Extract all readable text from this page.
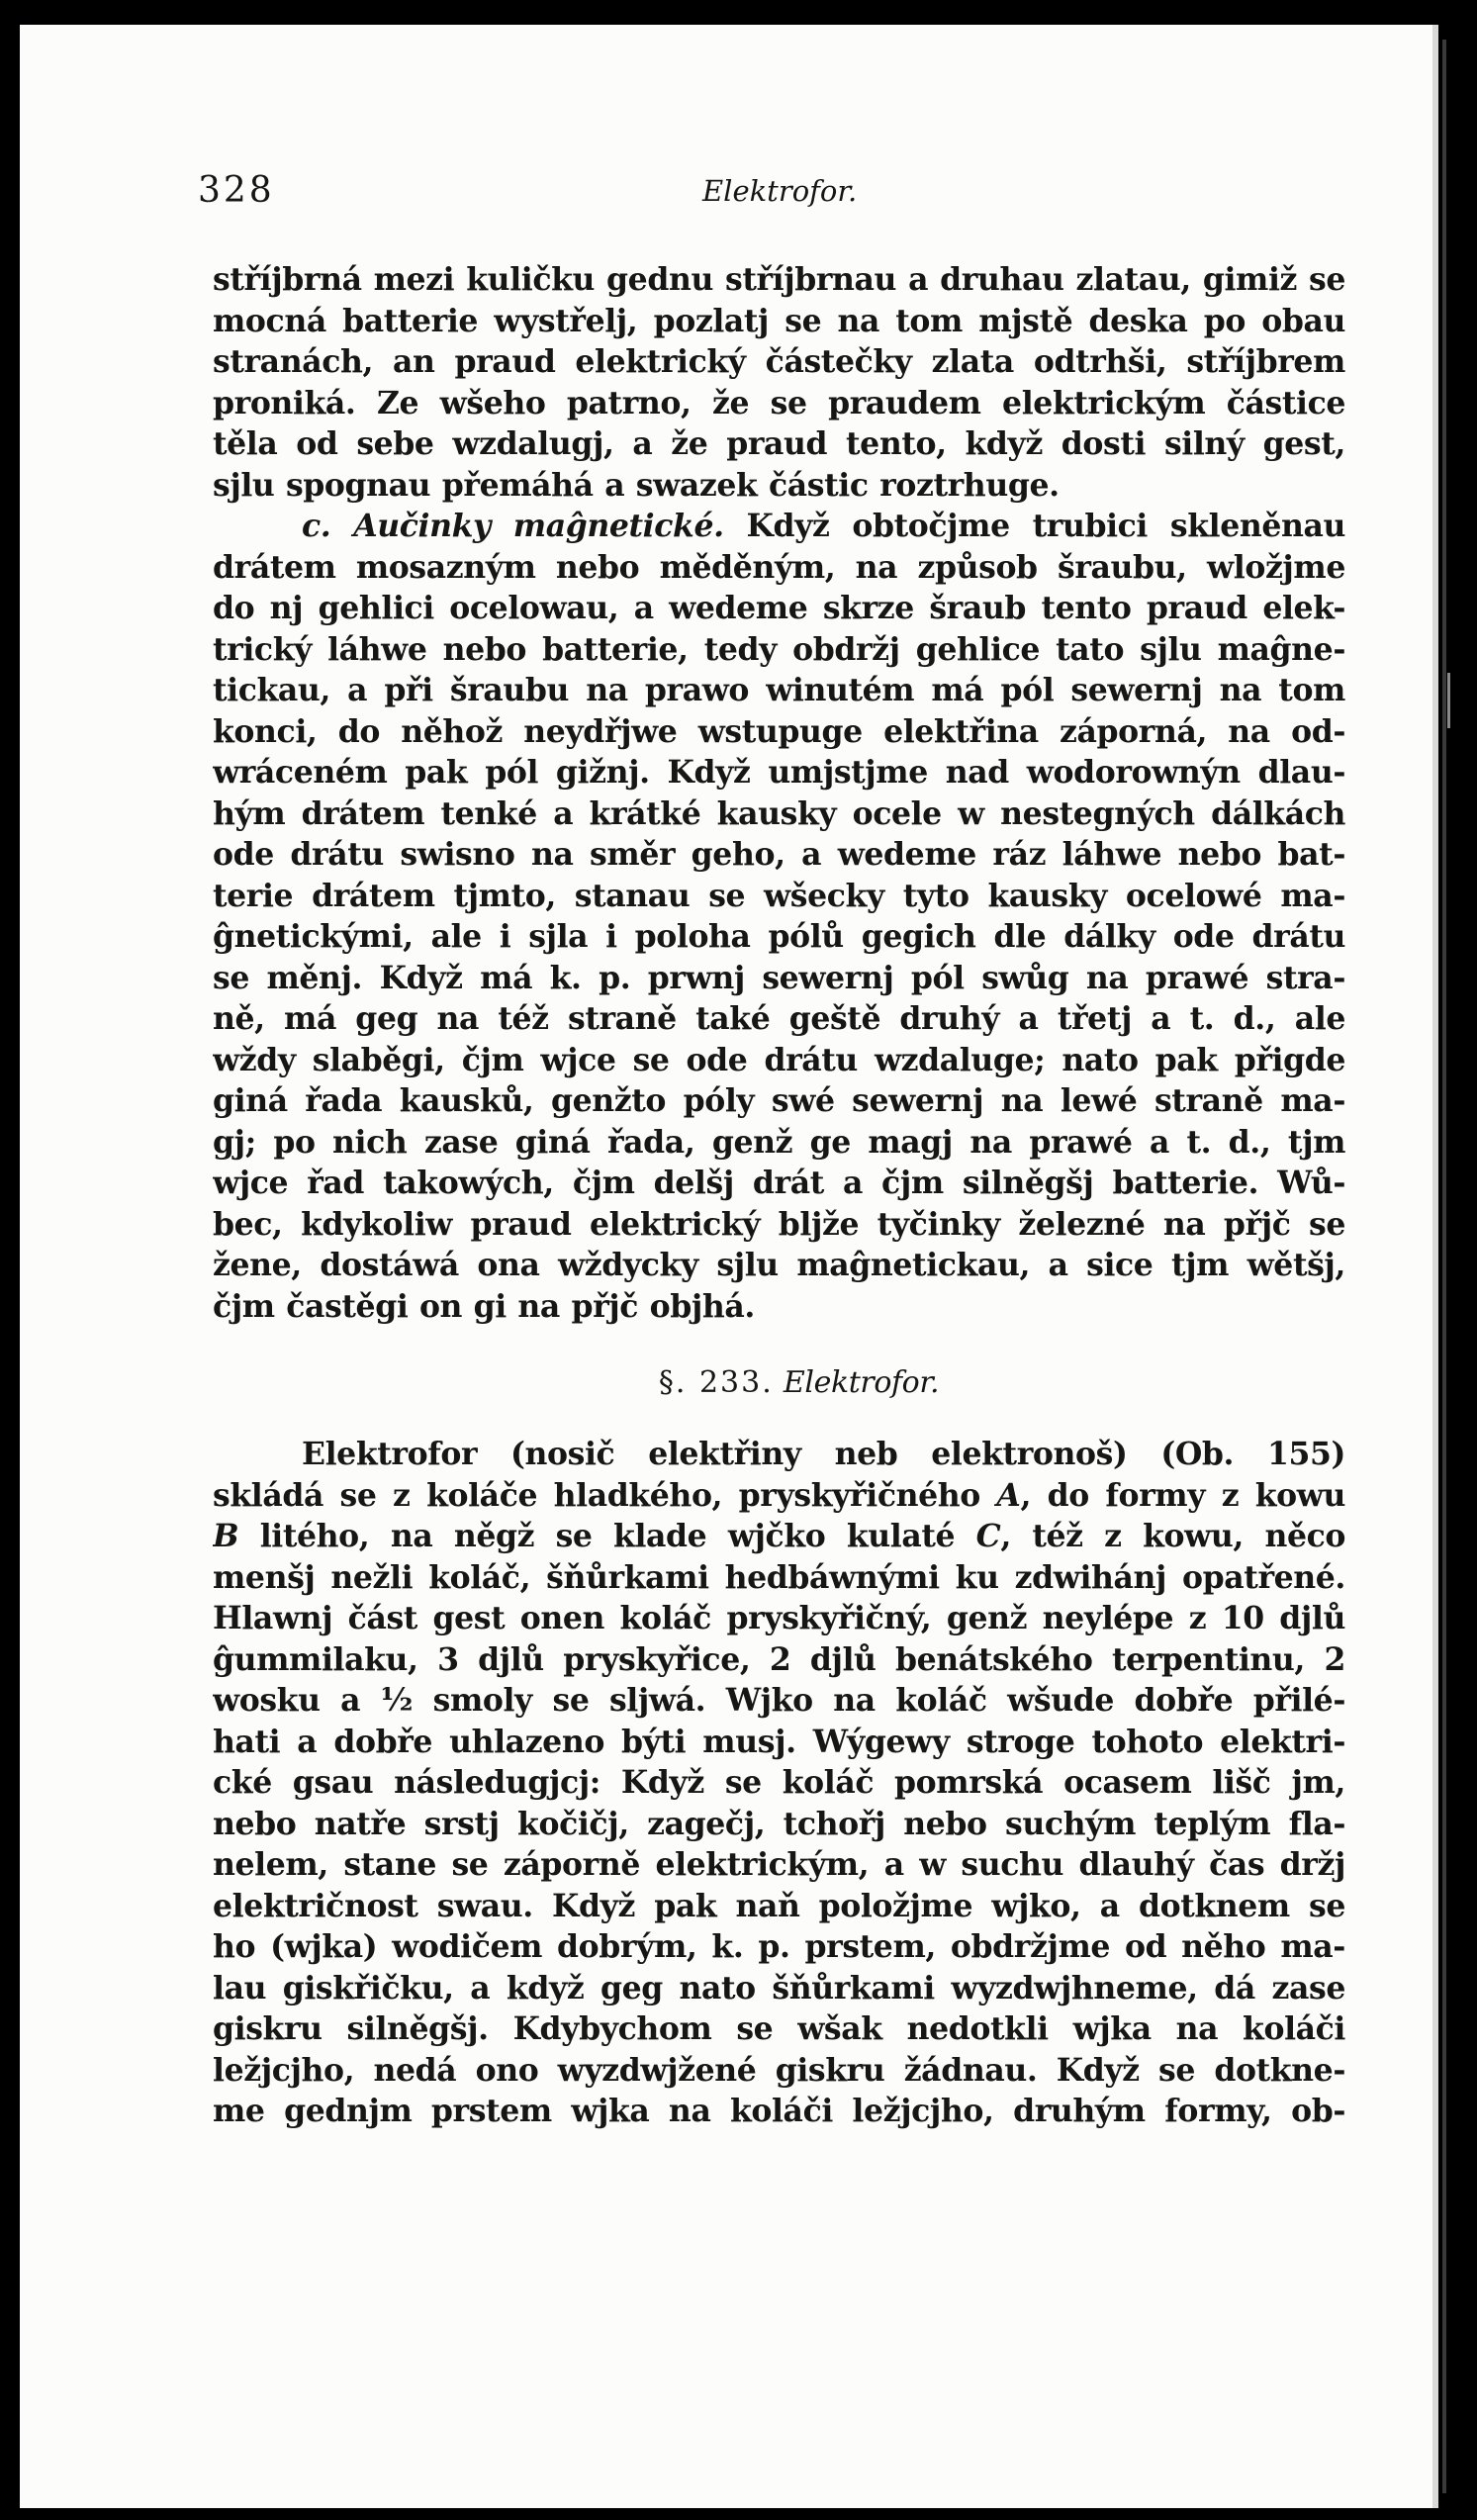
328	Elektrofor.
stříjbrná mezi kuličku gednu stříjbrnau a druhau zlatau, gimiž se
mocná batterie wystřelj, pozlatj se na tom mjstě deska po obau
stranách, an praud elektrický částečky zlata odtrhši, stříjbrem
proniká. Ze wšeho patrno, že se praudem elektrickým částice
těla od sebe wzdalugj, a že praud tento, když dosti silný gest,
sjlu spognau přemáhá a swazek částic roztrhuge.
c. Aučinky maĝnetické. Když obtočjme trubici skleněnau
drátem mosazným nebo měděným, na způsob šraubu, wložjme
do nj gehlici ocelowau, a wedeme skrze šraub tento praud elek-
trický láhwe nebo batterie, tedy obdržj gehlice tato sjlu maĝne-
tickau, a při šraubu na prawo winutém má pól sewernj na tom
konci, do něhož neydřjwe wstupuge elektřina záporná, na od-
wráceném pak pól gižnj. Když umjstjme nad wodorownýn dlau-
hým drátem tenké a krátké kausky ocele w nestegných dálkách
ode drátu swisno na směr geho, a wedeme ráz láhwe nebo bat-
terie drátem tjmto, stanau se wšecky tyto kausky ocelowé ma-
ĝnetickými, ale i sjla i poloha pólů gegich dle dálky ode drátu
se měnj. Když má k. p. prwnj sewernj pól swůg na prawé stra-
ně, má geg na též straně také geště druhý a třetj a t. d., ale
wždy slaběgi, čjm wjce se ode drátu wzdaluge; nato pak přigde
giná řada kausků, genžto póly swé sewernj na lewé straně ma-
gj; po nich zase giná řada, genž ge magj na prawé a t. d., tjm
wjce řad takowých, čjm delšj drát a čjm silněgšj batterie. Wů-
bec, kdykoliw praud elektrický bljže tyčinky železné na přjč se
žene, dostáwá ona wždycky sjlu maĝnetickau, a sice tjm wětšj,
čjm častěgi on gi na přjč objhá.
§. 233. Elektrofor.
Elektrofor (nosič elektřiny neb elektronoš) (Ob. 155)
skládá se z koláče hladkého, pryskyřičného A, do formy z kowu
B litého, na něgž se klade wjčko kulaté C, též z kowu, něco
menšj nežli koláč, šňůrkami hedbáwnými ku zdwihánj opatřené.
Hlawnj část gest onen koláč pryskyřičný, genž neylépe z 10 djlů
ĝummilaku, 3 djlů pryskyřice, 2 djlů benátského terpentinu, 2
wosku a ½ smoly se sljwá. Wjko na koláč wšude dobře přilé-
hati a dobře uhlazeno býti musj. Wýgewy stroge tohoto elektri-
cké gsau následugjcj: Když se koláč pomrská ocasem lišč jm,
nebo natře srstj kočičj, zagečj, tchořj nebo suchým teplým fla-
nelem, stane se záporně elektrickým, a w suchu dlauhý čas držj
električnost swau. Když pak naň položjme wjko, a dotknem se
ho (wjka) wodičem dobrým, k. p. prstem, obdržjme od něho ma-
lau giskřičku, a když geg nato šňůrkami wyzdwjhneme, dá zase
giskru silněgšj. Kdybychom se wšak nedotkli wjka na koláči
ležjcjho, nedá ono wyzdwjžené giskru žádnau. Když se dotkne-
me gednjm prstem wjka na koláči ležjcjho, druhým formy, ob-
